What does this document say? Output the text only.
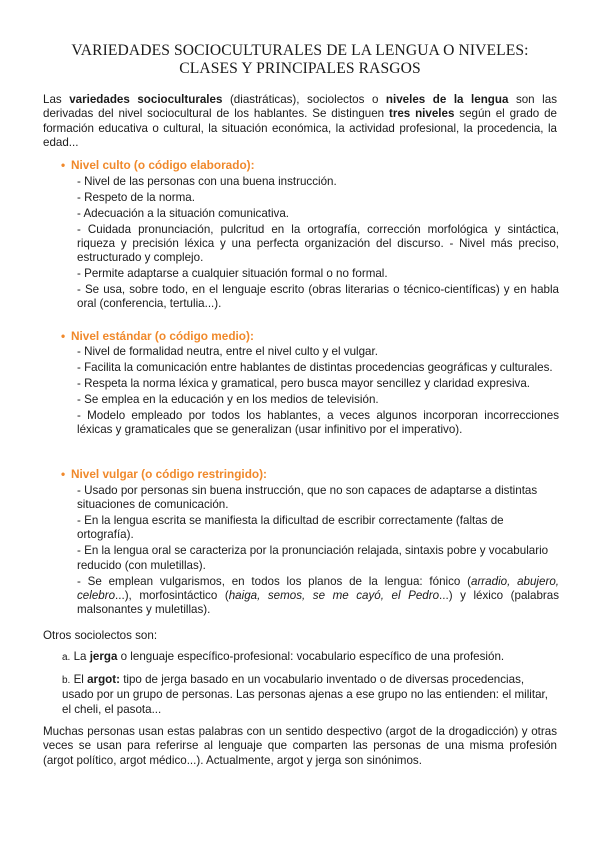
VARIEDADES SOCIOCULTURALES DE LA LENGUA O NIVELES:
CLASES Y PRINCIPALES RASGOS

Las variedades socioculturales (diastráticas), sociolectos o niveles de la lengua son las derivadas del nivel sociocultural de los hablantes. Se distinguen tres niveles según el grado de formación educativa o cultural, la situación económica, la actividad profesional, la procedencia, la edad...

• Nivel culto (o código elaborado):

- Nivel de las personas con una buena instrucción.
- Respeto de la norma.
- Adecuación a la situación comunicativa.
- Cuidada pronunciación, pulcritud en la ortografía, corrección morfológica y sintáctica, riqueza y precisión léxica y una perfecta organización del discurso. - Nivel más preciso, estructurado y complejo.
- Permite adaptarse a cualquier situación formal o no formal.
- Se usa, sobre todo, en el lenguaje escrito (obras literarias o técnico-científicas) y en habla oral (conferencia, tertulia...).

• Nivel estándar (o código medio):

- Nivel de formalidad neutra, entre el nivel culto y el vulgar.
- Facilita la comunicación entre hablantes de distintas procedencias geográficas y culturales.
- Respeta la norma léxica y gramatical, pero busca mayor sencillez y claridad expresiva.
- Se emplea en la educación y en los medios de televisión.
- Modelo empleado por todos los hablantes, a veces algunos incorporan incorrecciones léxicas y gramaticales que se generalizan (usar infinitivo por el imperativo).

• Nivel vulgar (o código restringido):

- Usado por personas sin buena instrucción, que no son capaces de adaptarse a distintas situaciones de comunicación.
- En la lengua escrita se manifiesta la dificultad de escribir correctamente (faltas de ortografía).
- En la lengua oral se caracteriza por la pronunciación relajada, sintaxis pobre y vocabulario reducido (con muletillas).
- Se emplean vulgarismos, en todos los planos de la lengua: fónico (arradio, abujero, celebro...), morfosintáctico (haiga, semos, se me cayó, el Pedro...) y léxico (palabras malsonantes y muletillas).

Otros sociolectos son:

a. La jerga o lenguaje específico-profesional: vocabulario específico de una profesión.

b. El argot: tipo de jerga basado en un vocabulario inventado o de diversas procedencias, usado por un grupo de personas. Las personas ajenas a ese grupo no las entienden: el militar, el cheli, el pasota...

Muchas personas usan estas palabras con un sentido despectivo (argot de la drogadicción) y otras veces se usan para referirse al lenguaje que comparten las personas de una misma profesión (argot político, argot médico...). Actualmente, argot y jerga son sinónimos.
